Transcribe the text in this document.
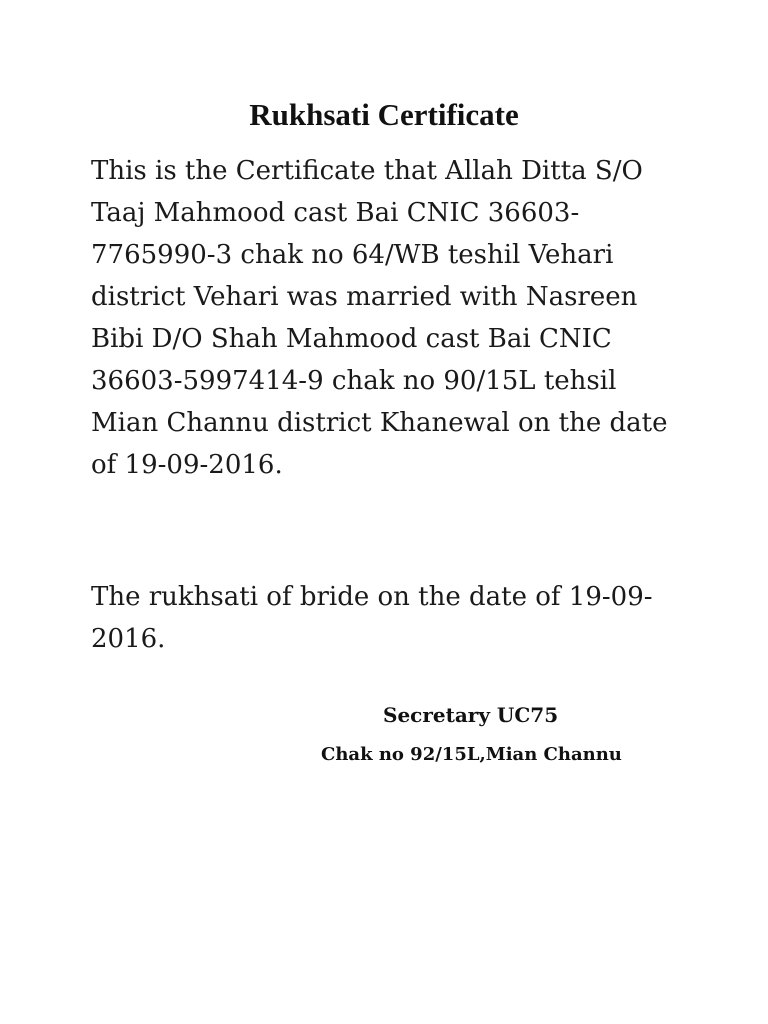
Rukhsati Certificate

This is the Certificate that Allah Ditta S/O Taaj Mahmood cast Bai CNIC 36603-7765990-3 chak no 64/WB teshil Vehari district Vehari was married with Nasreen Bibi D/O Shah Mahmood cast Bai CNIC 36603-5997414-9 chak no 90/15L tehsil Mian Channu district Khanewal on the date of 19-09-2016.

The rukhsati of bride on the date of 19-09-2016.

Secretary UC75

Chak no 92/15L,Mian Channu
